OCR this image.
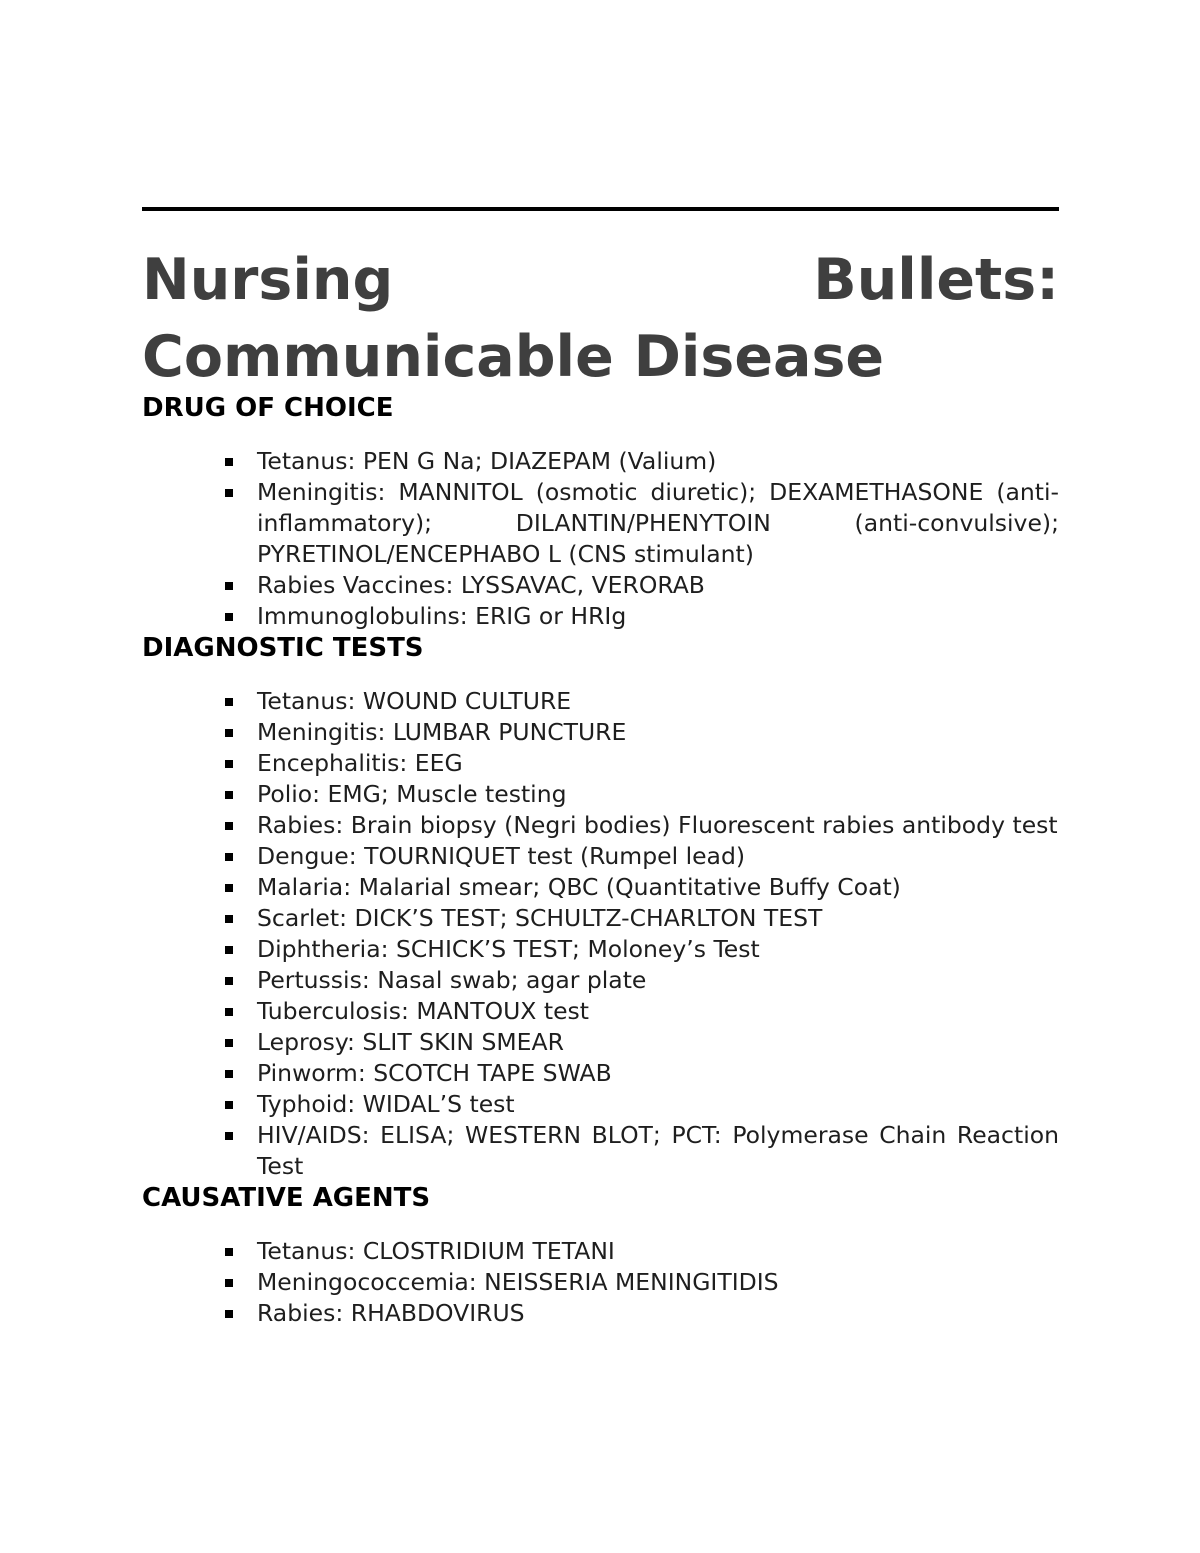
Nursing	Bullets:
Communicable Disease
DRUG OF CHOICE
Tetanus: PEN G Na; DIAZEPAM (Valium)
Meningitis: MANNITOL (osmotic diuretic); DEXAMETHASONE (anti-inflammatory); DILANTIN/PHENYTOIN (anti-convulsive); PYRETINOL/ENCEPHABO L (CNS stimulant)
Rabies Vaccines: LYSSAVAC, VERORAB
Immunoglobulins: ERIG or HRIg
DIAGNOSTIC TESTS
Tetanus: WOUND CULTURE
Meningitis: LUMBAR PUNCTURE
Encephalitis: EEG
Polio: EMG; Muscle testing
Rabies: Brain biopsy (Negri bodies) Fluorescent rabies antibody test
Dengue: TOURNIQUET test (Rumpel lead)
Malaria: Malarial smear; QBC (Quantitative Buffy Coat)
Scarlet: DICK’S TEST; SCHULTZ-CHARLTON TEST
Diphtheria: SCHICK’S TEST; Moloney’s Test
Pertussis: Nasal swab; agar plate
Tuberculosis: MANTOUX test
Leprosy: SLIT SKIN SMEAR
Pinworm: SCOTCH TAPE SWAB
Typhoid: WIDAL’S test
HIV/AIDS: ELISA; WESTERN BLOT; PCT: Polymerase Chain Reaction Test
CAUSATIVE AGENTS
Tetanus: CLOSTRIDIUM TETANI
Meningococcemia: NEISSERIA MENINGITIDIS
Rabies: RHABDOVIRUS
